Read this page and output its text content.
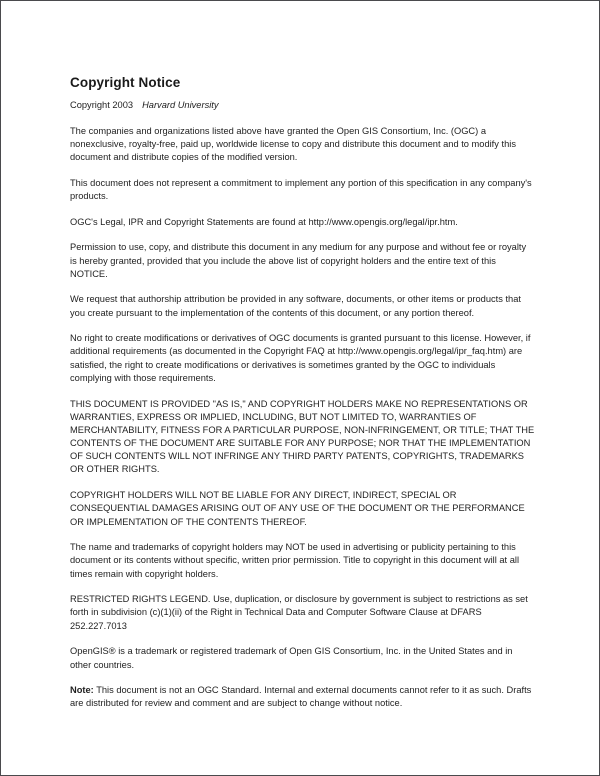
Copyright Notice
Copyright 2003 Harvard University

The companies and organizations listed above have granted the Open GIS Consortium, Inc. (OGC) a nonexclusive, royalty-free, paid up, worldwide license to copy and distribute this document and to modify this document and distribute copies of the modified version.

This document does not represent a commitment to implement any portion of this specification in any company's products.

OGC's Legal, IPR and Copyright Statements are found at http://www.opengis.org/legal/ipr.htm.

Permission to use, copy, and distribute this document in any medium for any purpose and without fee or royalty is hereby granted, provided that you include the above list of copyright holders and the entire text of this NOTICE.

We request that authorship attribution be provided in any software, documents, or other items or products that you create pursuant to the implementation of the contents of this document, or any portion thereof.

No right to create modifications or derivatives of OGC documents is granted pursuant to this license. However, if additional requirements (as documented in the Copyright FAQ at http://www.opengis.org/legal/ipr_faq.htm) are satisfied, the right to create modifications or derivatives is sometimes granted by the OGC to individuals complying with those requirements.

THIS DOCUMENT IS PROVIDED "AS IS," AND COPYRIGHT HOLDERS MAKE NO REPRESENTATIONS OR WARRANTIES, EXPRESS OR IMPLIED, INCLUDING, BUT NOT LIMITED TO, WARRANTIES OF MERCHANTABILITY, FITNESS FOR A PARTICULAR PURPOSE, NON-INFRINGEMENT, OR TITLE; THAT THE CONTENTS OF THE DOCUMENT ARE SUITABLE FOR ANY PURPOSE; NOR THAT THE IMPLEMENTATION OF SUCH CONTENTS WILL NOT INFRINGE ANY THIRD PARTY PATENTS, COPYRIGHTS, TRADEMARKS OR OTHER RIGHTS.

COPYRIGHT HOLDERS WILL NOT BE LIABLE FOR ANY DIRECT, INDIRECT, SPECIAL OR CONSEQUENTIAL DAMAGES ARISING OUT OF ANY USE OF THE DOCUMENT OR THE PERFORMANCE OR IMPLEMENTATION OF THE CONTENTS THEREOF.

The name and trademarks of copyright holders may NOT be used in advertising or publicity pertaining to this document or its contents without specific, written prior permission. Title to copyright in this document will at all times remain with copyright holders.

RESTRICTED RIGHTS LEGEND. Use, duplication, or disclosure by government is subject to restrictions as set forth in subdivision (c)(1)(ii) of the Right in Technical Data and Computer Software Clause at DFARS 252.227.7013

OpenGIS® is a trademark or registered trademark of Open GIS Consortium, Inc. in the United States and in other countries.

Note: This document is not an OGC Standard. Internal and external documents cannot refer to it as such. Drafts are distributed for review and comment and are subject to change without notice.
